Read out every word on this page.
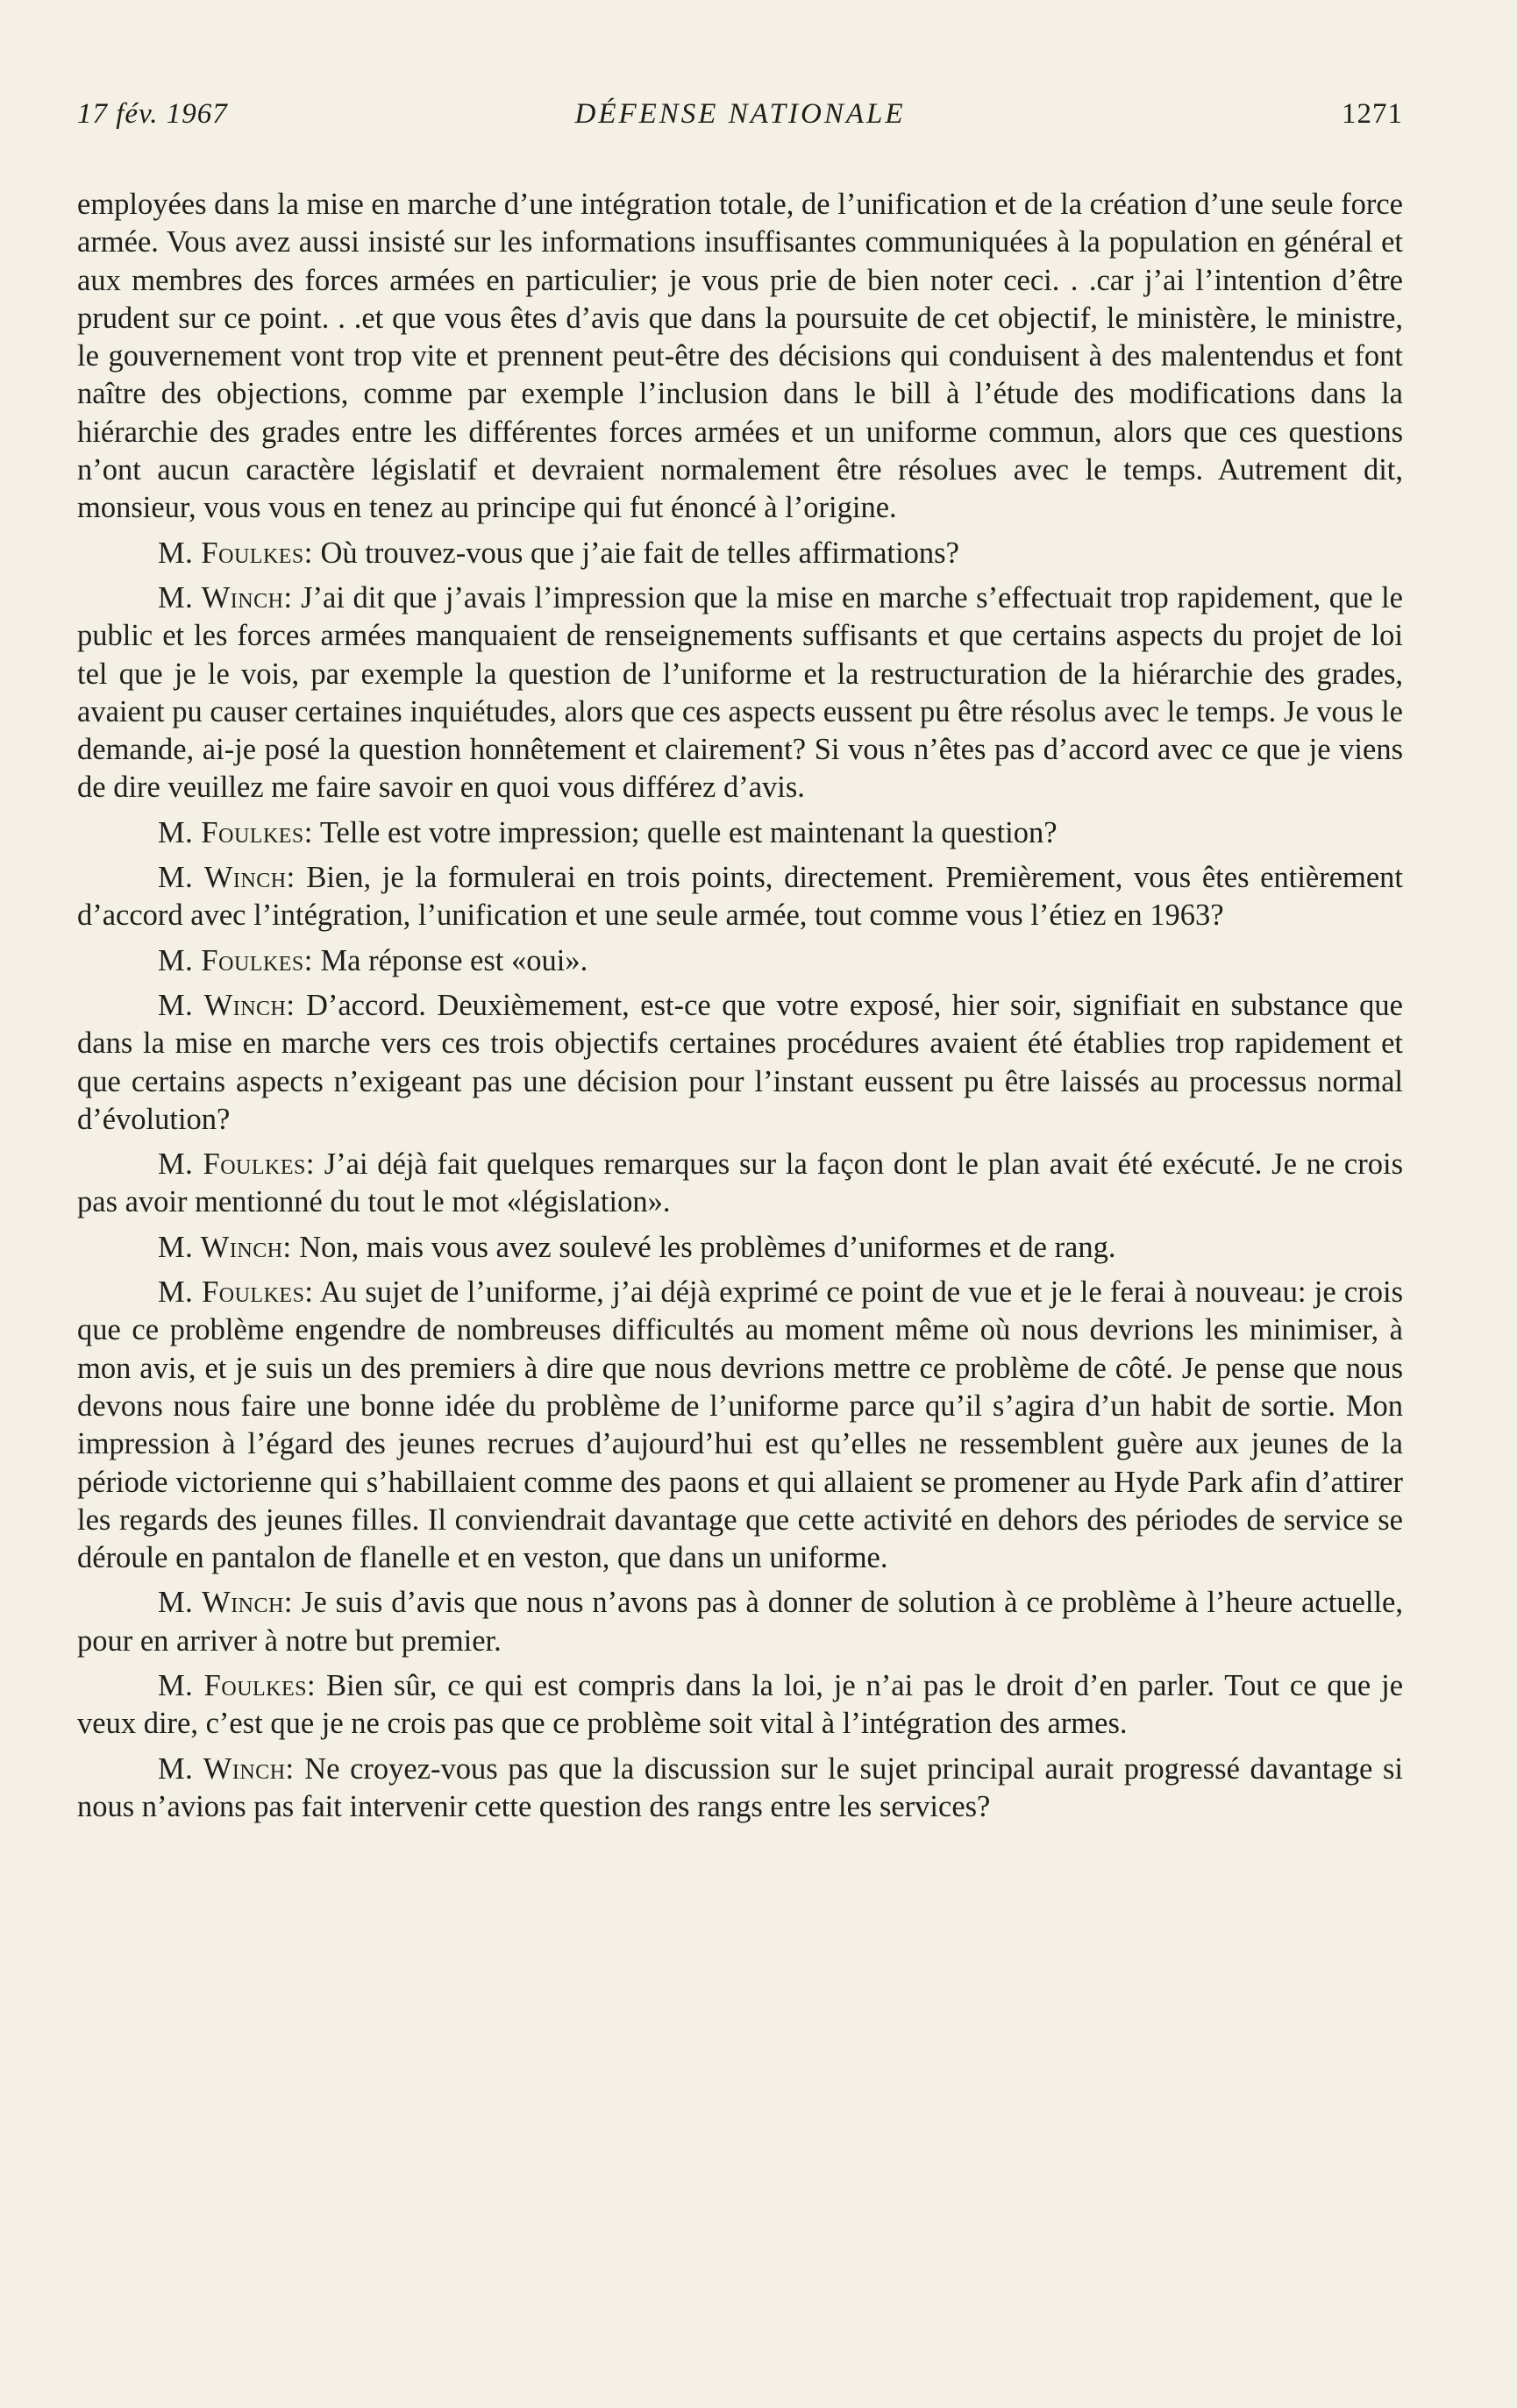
17 fév. 1967	DÉFENSE NATIONALE	1271

employées dans la mise en marche d’une intégration totale, de l’unification et de la création d’une seule force armée. Vous avez aussi insisté sur les informations insuffisantes communiquées à la population en général et aux membres des forces armées en particulier; je vous prie de bien noter ceci. . .car j’ai l’intention d’être prudent sur ce point. . .et que vous êtes d’avis que dans la poursuite de cet objectif, le ministère, le ministre, le gouvernement vont trop vite et prennent peut-être des décisions qui conduisent à des malentendus et font naître des objections, comme par exemple l’inclusion dans le bill à l’étude des modifications dans la hiérarchie des grades entre les différentes forces armées et un uniforme commun, alors que ces questions n’ont aucun caractère législatif et devraient normalement être résolues avec le temps. Autrement dit, monsieur, vous vous en tenez au principe qui fut énoncé à l’origine.

M. Foulkes: Où trouvez-vous que j’aie fait de telles affirmations?

M. Winch: J’ai dit que j’avais l’impression que la mise en marche s’effectuait trop rapidement, que le public et les forces armées manquaient de renseignements suffisants et que certains aspects du projet de loi tel que je le vois, par exemple la question de l’uniforme et la restructuration de la hiérarchie des grades, avaient pu causer certaines inquiétudes, alors que ces aspects eussent pu être résolus avec le temps. Je vous le demande, ai-je posé la question honnêtement et clairement? Si vous n’êtes pas d’accord avec ce que je viens de dire veuillez me faire savoir en quoi vous différez d’avis.

M. Foulkes: Telle est votre impression; quelle est maintenant la question?

M. Winch: Bien, je la formulerai en trois points, directement. Premièrement, vous êtes entièrement d’accord avec l’intégration, l’unification et une seule armée, tout comme vous l’étiez en 1963?

M. Foulkes: Ma réponse est «oui».

M. Winch: D’accord. Deuxièmement, est-ce que votre exposé, hier soir, signifiait en substance que dans la mise en marche vers ces trois objectifs certaines procédures avaient été établies trop rapidement et que certains aspects n’exigeant pas une décision pour l’instant eussent pu être laissés au processus normal d’évolution?

M. Foulkes: J’ai déjà fait quelques remarques sur la façon dont le plan avait été exécuté. Je ne crois pas avoir mentionné du tout le mot «législation».

M. Winch: Non, mais vous avez soulevé les problèmes d’uniformes et de rang.

M. Foulkes: Au sujet de l’uniforme, j’ai déjà exprimé ce point de vue et je le ferai à nouveau: je crois que ce problème engendre de nombreuses difficultés au moment même où nous devrions les minimiser, à mon avis, et je suis un des premiers à dire que nous devrions mettre ce problème de côté. Je pense que nous devons nous faire une bonne idée du problème de l’uniforme parce qu’il s’agira d’un habit de sortie. Mon impression à l’égard des jeunes recrues d’aujourd’hui est qu’elles ne ressemblent guère aux jeunes de la période victorienne qui s’habillaient comme des paons et qui allaient se promener au Hyde Park afin d’attirer les regards des jeunes filles. Il conviendrait davantage que cette activité en dehors des périodes de service se déroule en pantalon de flanelle et en veston, que dans un uniforme.

M. Winch: Je suis d’avis que nous n’avons pas à donner de solution à ce problème à l’heure actuelle, pour en arriver à notre but premier.

M. Foulkes: Bien sûr, ce qui est compris dans la loi, je n’ai pas le droit d’en parler. Tout ce que je veux dire, c’est que je ne crois pas que ce problème soit vital à l’intégration des armes.

M. Winch: Ne croyez-vous pas que la discussion sur le sujet principal aurait progressé davantage si nous n’avions pas fait intervenir cette question des rangs entre les services?
